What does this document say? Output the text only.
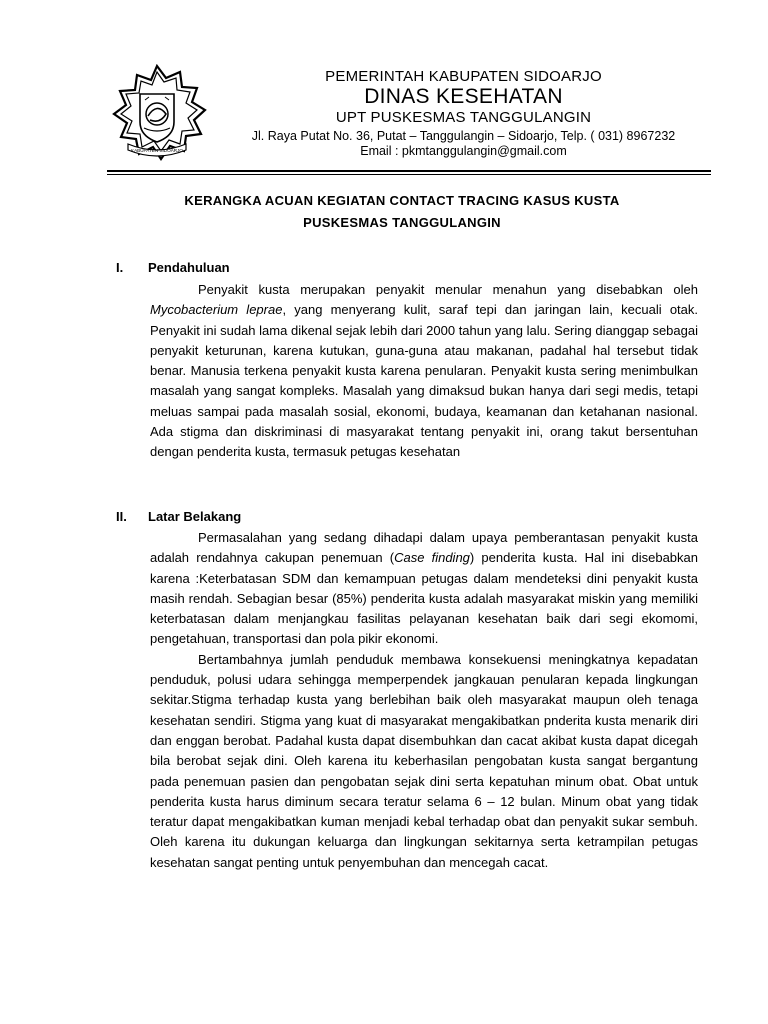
KABUPATEN SIDOARJO
PEMERINTAH KABUPATEN SIDOARJO
DINAS KESEHATAN
UPT PUSKESMAS TANGGULANGIN
Jl. Raya Putat No. 36, Putat – Tanggulangin – Sidoarjo, Telp. ( 031) 8967232
Email : pkmtanggulangin@gmail.com
KERANGKA ACUAN KEGIATAN CONTACT TRACING KASUS KUSTA
PUSKESMAS TANGGULANGIN
I. Pendahuluan

Penyakit kusta merupakan penyakit menular menahun yang disebabkan oleh Mycobacterium leprae, yang menyerang kulit, saraf tepi dan jaringan lain, kecuali otak. Penyakit ini sudah lama dikenal sejak lebih dari 2000 tahun yang lalu. Sering dianggap sebagai penyakit keturunan, karena kutukan, guna-guna atau makanan, padahal hal tersebut tidak benar. Manusia terkena penyakit kusta karena penularan. Penyakit kusta sering menimbulkan masalah yang sangat kompleks. Masalah yang dimaksud bukan hanya dari segi medis, tetapi meluas sampai pada masalah sosial, ekonomi, budaya, keamanan dan ketahanan nasional. Ada stigma dan diskriminasi di masyarakat tentang penyakit ini, orang takut bersentuhan dengan penderita kusta, termasuk petugas kesehatan

II. Latar Belakang

Permasalahan yang sedang dihadapi dalam upaya pemberantasan penyakit kusta adalah rendahnya cakupan penemuan (Case finding) penderita kusta. Hal ini disebabkan karena :Keterbatasan SDM dan kemampuan petugas dalam mendeteksi dini penyakit kusta masih rendah. Sebagian besar (85%) penderita kusta adalah masyarakat miskin yang memiliki keterbatasan dalam menjangkau fasilitas pelayanan kesehatan baik dari segi ekomomi, pengetahuan, transportasi dan pola pikir ekonomi.

Bertambahnya jumlah penduduk membawa konsekuensi meningkatnya kepadatan penduduk, polusi udara sehingga memperpendek jangkauan penularan kepada lingkungan sekitar.Stigma terhadap kusta yang berlebihan baik oleh masyarakat maupun oleh tenaga kesehatan sendiri. Stigma yang kuat di masyarakat mengakibatkan pnderita kusta menarik diri dan enggan berobat. Padahal kusta dapat disembuhkan dan cacat akibat kusta dapat dicegah bila berobat sejak dini. Oleh karena itu keberhasilan pengobatan kusta sangat bergantung pada penemuan pasien dan pengobatan sejak dini serta kepatuhan minum obat. Obat untuk penderita kusta harus diminum secara teratur selama 6 – 12 bulan. Minum obat yang tidak teratur dapat mengakibatkan kuman menjadi kebal terhadap obat dan penyakit sukar sembuh. Oleh karena itu dukungan keluarga dan lingkungan sekitarnya serta ketrampilan petugas kesehatan sangat penting untuk penyembuhan dan mencegah cacat.
